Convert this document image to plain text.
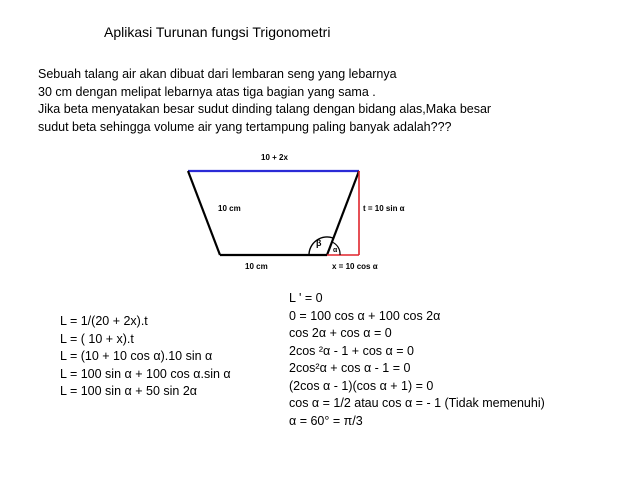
Aplikasi Turunan fungsi Trigonometri
Sebuah talang air akan dibuat dari lembaran seng yang lebarnya
30 cm dengan melipat lebarnya atas tiga bagian yang sama .
Jika beta menyatakan besar sudut dinding talang dengan bidang alas,Maka besar
sudut beta sehingga volume air yang tertampung paling banyak adalah???
10 + 2x
β
α
10 cm	t = 10 sin α
10 cm	x = 10 cos α
L = 1/(20 + 2x).t
L = ( 10 + x).t
L = (10 + 10 cos α).10 sin α
L = 100 sin α + 100 cos α.sin α
L = 100 sin α + 50 sin 2α
L ' = 0
0 = 100 cos α + 100 cos 2α
cos 2α + cos α = 0
2cos ²α - 1 + cos α = 0
2cos²α + cos α - 1 = 0
(2cos α - 1)(cos α + 1) = 0
cos α = 1/2 atau cos α = - 1 (Tidak memenuhi)
α = 60° = π/3
